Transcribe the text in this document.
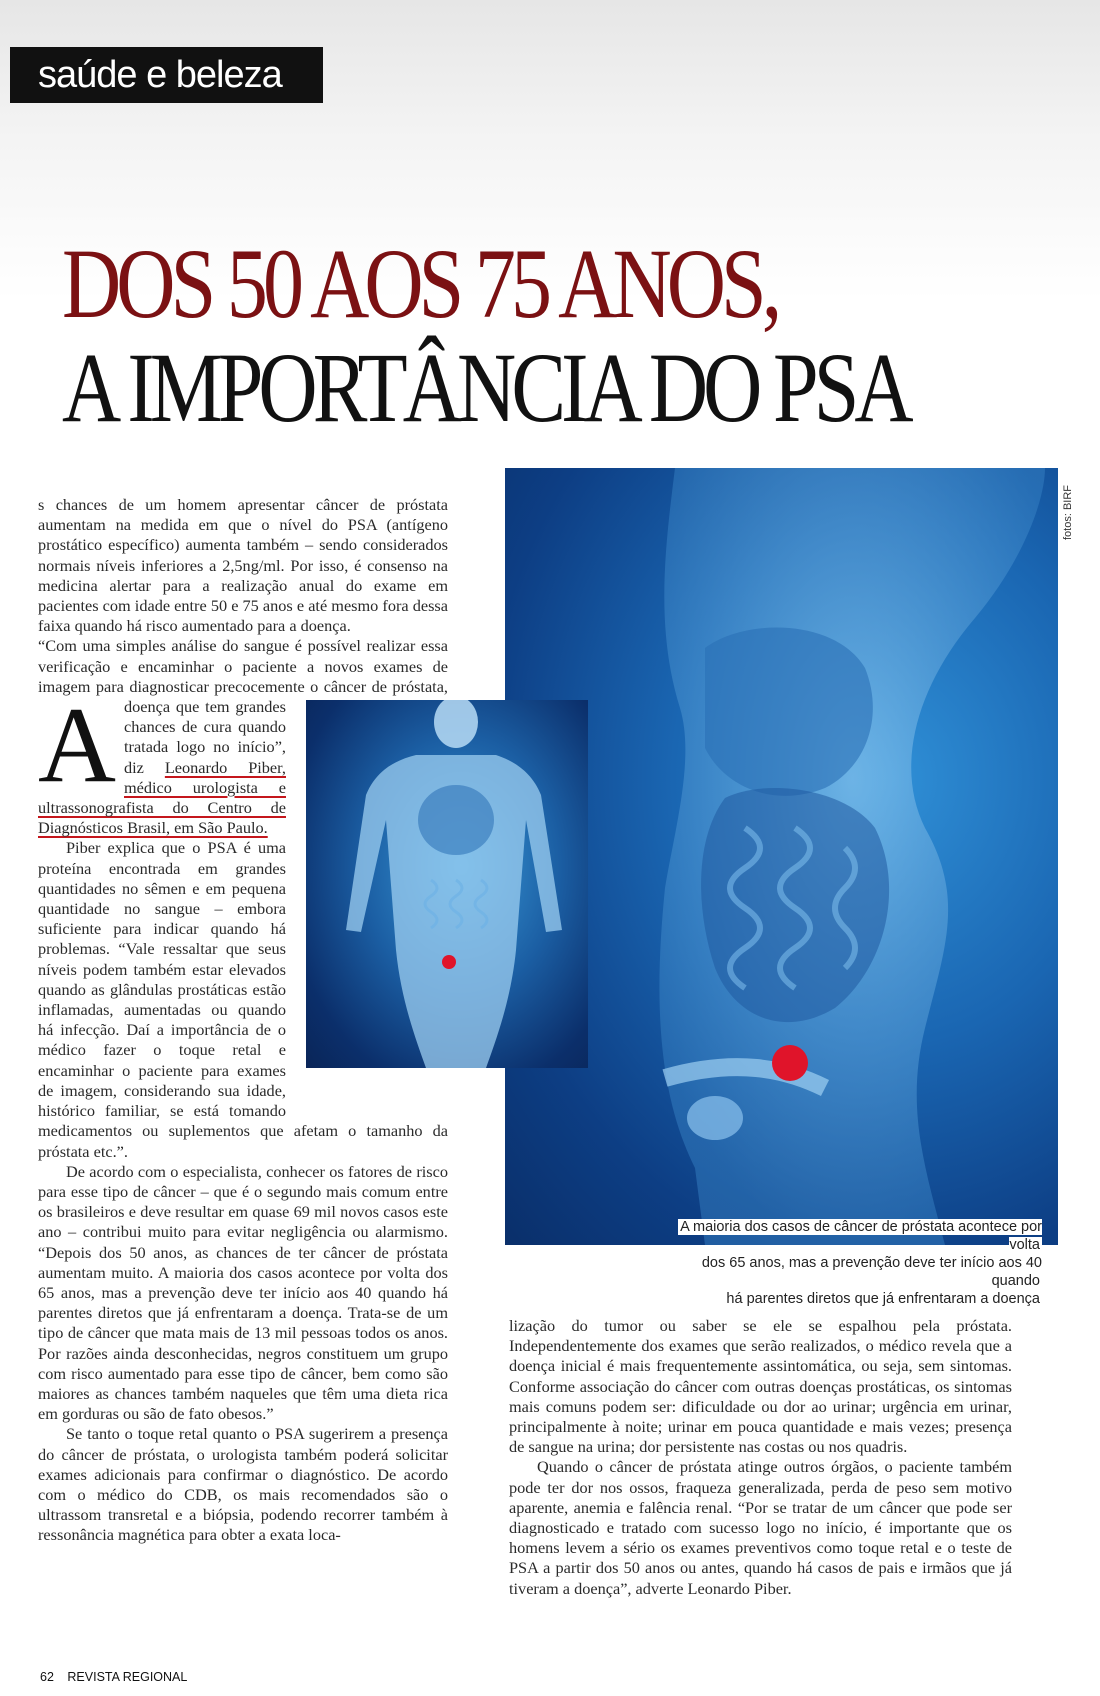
saúde e beleza
DOS 50 AOS 75 ANOS,
A IMPORTÂNCIA DO PSA
fotos: BIRF
A maioria dos casos de câncer de próstata acontece por volta
dos 65 anos, mas a prevenção deve ter início aos 40 quando
há parentes diretos que já enfrentaram a doença

A
s chances de um homem apresentar câncer de próstata aumentam na medida em que o nível do PSA (antígeno prostático específico) aumenta também – sendo considerados normais níveis inferiores a 2,5ng/ml. Por isso, é consenso na medicina alertar para a realização anual do exame em pacientes com idade entre 50 e 75 anos e até mesmo fora dessa faixa quando há risco aumentado para a doença.

“Com uma simples análise do sangue é possível realizar essa verificação e encaminhar o paciente a novos exames de imagem para diagnosticar precocemente o câncer de próstata, doença que tem grandes chances de cura quando tratada logo no início”, diz Leonardo Piber, médico urologista e ultrassonografista do Centro de Diagnósticos Brasil, em São Paulo.

Piber explica que o PSA é uma proteína encontrada em grandes quantidades no sêmen e em pequena quantidade no sangue – embora suficiente para indicar quando há problemas. “Vale ressaltar que seus níveis podem também estar elevados quando as glândulas prostáticas estão inflamadas, aumentadas ou quando há infecção. Daí a importância de o médico fazer o toque retal e encaminhar o paciente para exames de imagem, considerando sua idade, histórico familiar, se está tomando medicamentos ou suplementos que afetam o tamanho da próstata etc.”.

De acordo com o especialista, conhecer os fatores de risco para esse tipo de câncer – que é o segundo mais comum entre os brasileiros e deve resultar em quase 69 mil novos casos este ano – contribui muito para evitar negligência ou alarmismo. “Depois dos 50 anos, as chances de ter câncer de próstata aumentam muito. A maioria dos casos acontece por volta dos 65 anos, mas a prevenção deve ter início aos 40 quando há parentes diretos que já enfrentaram a doença. Trata-se de um tipo de câncer que mata mais de 13 mil pessoas todos os anos. Por razões ainda desconhecidas, negros constituem um grupo com risco aumentado para esse tipo de câncer, bem como são maiores as chances também naqueles que têm uma dieta rica em gorduras ou são de fato obesos.”

Se tanto o toque retal quanto o PSA sugerirem a presença do câncer de próstata, o urologista também poderá solicitar exames adicionais para confirmar o diagnóstico. De acordo com o médico do CDB, os mais recomendados são o ultrassom transretal e a biópsia, podendo recorrer também à ressonância magnética para obter a exata loca-

lização do tumor ou saber se ele se espalhou pela próstata. Independentemente dos exames que serão realizados, o médico revela que a doença inicial é mais frequentemente assintomática, ou seja, sem sintomas. Conforme associação do câncer com outras doenças prostáticas, os sintomas mais comuns podem ser: dificuldade ou dor ao urinar; urgência em urinar, principalmente à noite; urinar em pouca quantidade e mais vezes; presença de sangue na urina; dor persistente nas costas ou nos quadris.

Quando o câncer de próstata atinge outros órgãos, o paciente também pode ter dor nos ossos, fraqueza generalizada, perda de peso sem motivo aparente, anemia e falência renal. “Por se tratar de um câncer que pode ser diagnosticado e tratado com sucesso logo no início, é importante que os homens levem a sério os exames preventivos como toque retal e o teste de PSA a partir dos 50 anos ou antes, quando há casos de pais e irmãos que já tiveram a doença”, adverte Leonardo Piber.

62 REVISTA REGIONAL
